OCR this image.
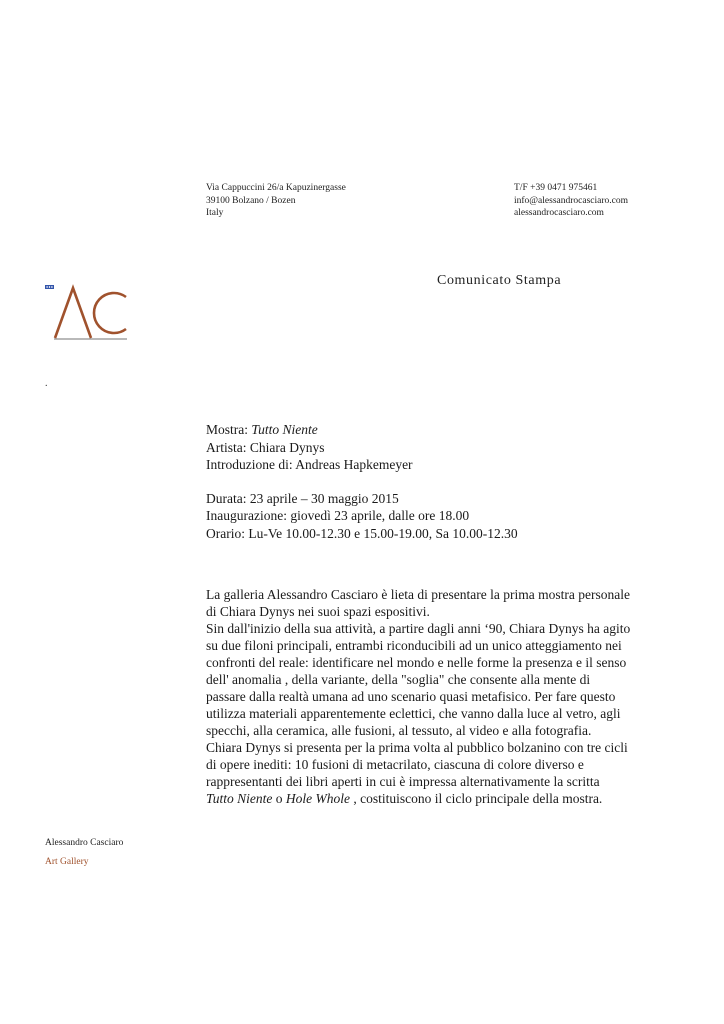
Via Cappuccini 26/a Kapuzinergasse
39100 Bolzano / Bozen
Italy
T/F +39 0471 975461
info@alessandrocasciaro.com
alessandrocasciaro.com
.
Comunicato Stampa
Mostra: Tutto Niente
Artista: Chiara Dynys
Introduzione di: Andreas Hapkemeyer
Durata: 23 aprile – 30 maggio 2015
Inaugurazione: giovedì 23 aprile, dalle ore 18.00
Orario: Lu-Ve 10.00-12.30 e 15.00-19.00, Sa 10.00-12.30
La galleria Alessandro Casciaro è lieta di presentare la prima mostra personale
di Chiara Dynys nei suoi spazi espositivi.
Sin dall'inizio della sua attività, a partire dagli anni ‘90, Chiara Dynys ha agito
su due filoni principali, entrambi riconducibili ad un unico atteggiamento nei
confronti del reale: identificare nel mondo e nelle forme la presenza e il senso
dell' anomalia , della variante, della "soglia" che consente alla mente di
passare dalla realtà umana ad uno scenario quasi metafisico. Per fare questo
utilizza materiali apparentemente eclettici, che vanno dalla luce al vetro, agli
specchi, alla ceramica, alle fusioni, al tessuto, al video e alla fotografia.
Chiara Dynys si presenta per la prima volta al pubblico bolzanino con tre cicli
di opere inediti: 10 fusioni di metacrilato, ciascuna di colore diverso e
rappresentanti dei libri aperti in cui è impressa alternativamente la scritta
Tutto Niente o Hole Whole , costituiscono il ciclo principale della mostra.
Alessandro Casciaro
Art Gallery
